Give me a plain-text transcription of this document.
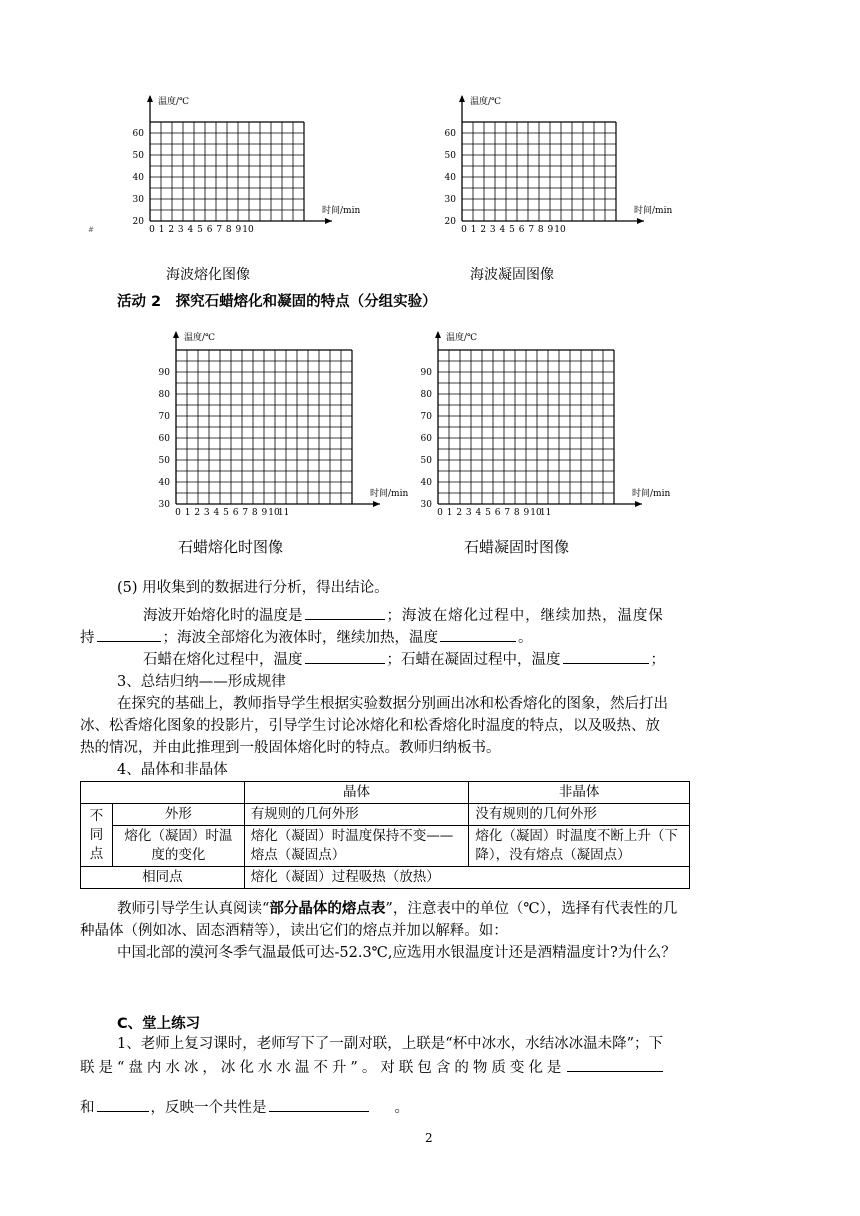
温度/℃
时间/min
20
30
40
50
60
0 1 2 3 4 5 6 7 8 9 10
温度/℃
时间/min
20
30
40
50
60
0 1 2 3 4 5 6 7 8 9 10
温度/℃
时间/min
30
40
50
60
70
80
90
0 1 2 3 4 5 6 7 8 9 10
11
温度/℃
时间/min
30
40
50
60
70
80
90
0 1 2 3 4 5 6 7 8 9 10
11
#
海波熔化图像	海波凝固图像
活动 2　探究石蜡熔化和凝固的特点（分组实验）
石蜡熔化时图像	石蜡凝固时图像
(5) 用收集到的数据进行分析，得出结论。
海波开始熔化时的温度是	；海波在熔化过程中，继续加热，温度保
持	；海波全部熔化为液体时，继续加热，温度	。
石蜡在熔化过程中，温度	；石蜡在凝固过程中，温度	；
3、总结归纳——形成规律
在探究的基础上，教师指导学生根据实验数据分别画出冰和松香熔化的图象，然后打出
冰、松香熔化图象的投影片，引导学生讨论冰熔化和松香熔化时温度的特点，以及吸热、放
热的情况，并由此推理到一般固体熔化时的特点。教师归纳板书。
4、晶体和非晶体
		晶体	非晶体
不同点	外形	有规则的几何外形	没有规则的几何外形
	熔化（凝固）时温度的变化	熔化（凝固）时温度保持不变——熔点（凝固点）	熔化（凝固）时温度不断上升（下降），没有熔点（凝固点）
相同点		熔化（凝固）过程吸热（放热）	
教师引导学生认真阅读“部分晶体的熔点表”，注意表中的单位（℃），选择有代表性的几
种晶体（例如冰、固态酒精等），读出它们的熔点并加以解释。如：
中国北部的漠河冬季气温最低可达-52.3℃,应选用水银温度计还是酒精温度计?为什么？
C、堂上练习
1、老师上复习课时，老师写下了一副对联，上联是“杯中冰水，水结冰冰温未降”；下
联是“盘内水冰，冰化水水温不升”。对联包含的物质变化是
和	，反映一个共性是	。
2
